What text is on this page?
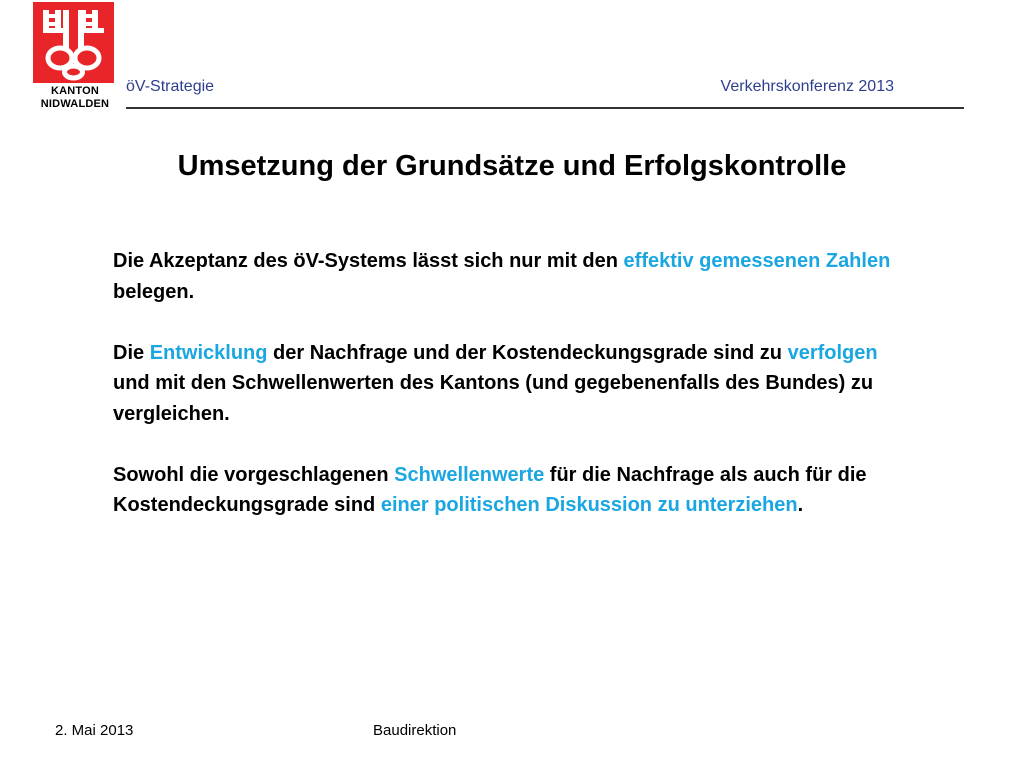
KANTON
NIDWALDEN
öV-Strategie	Verkehrskonferenz 2013
Umsetzung der Grundsätze und Erfolgskontrolle

Die Akzeptanz des öV-Systems lässt sich nur mit den effektiv gemessenen Zahlen belegen.

Die Entwicklung der Nachfrage und der Kostendeckungsgrade sind zu verfolgen und mit den Schwellenwerten des Kantons (und gegebenenfalls des Bundes) zu vergleichen.

Sowohl die vorgeschlagenen Schwellenwerte für die Nachfrage als auch für die Kostendeckungsgrade sind einer politischen Diskussion zu unterziehen.

2. Mai 2013	Baudirektion
